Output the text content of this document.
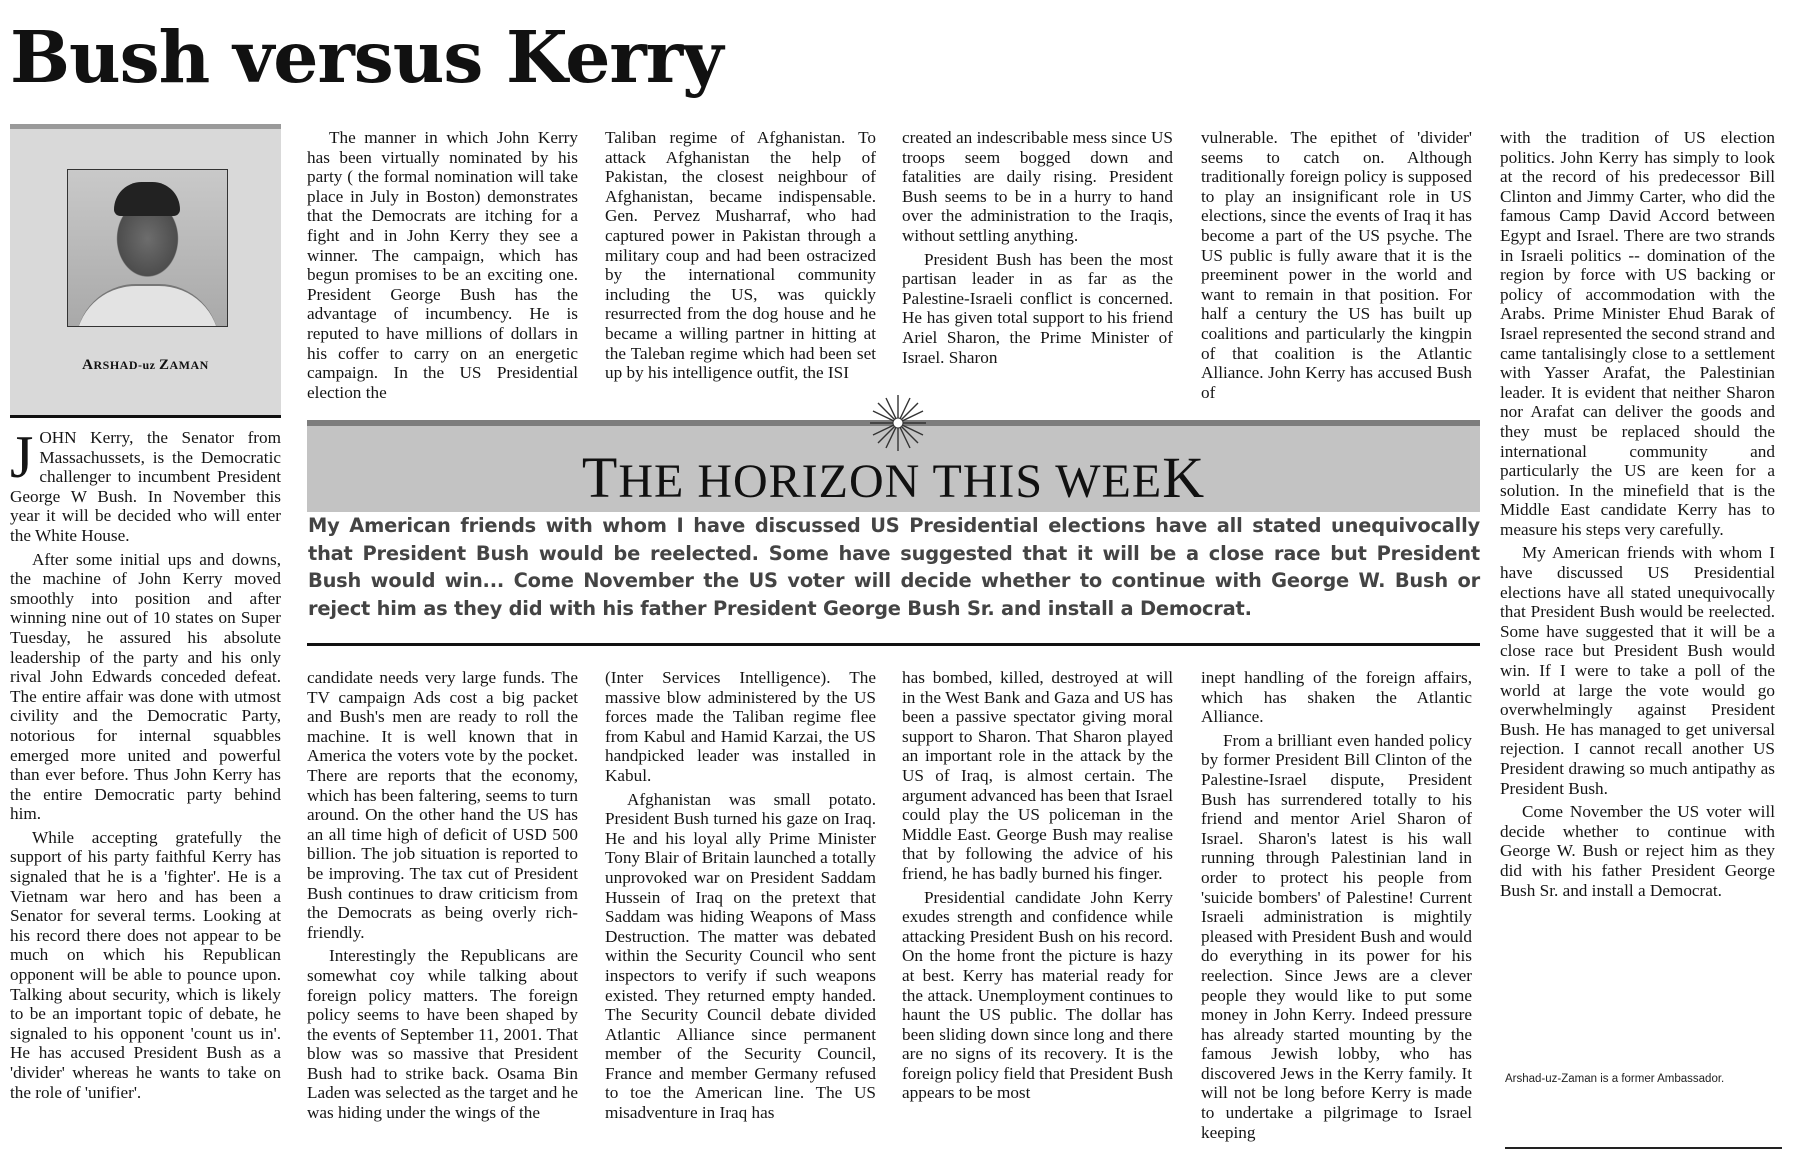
Bush versus Kerry
ARSHAD-uz ZAMAN

JOHN Kerry, the Senator from Massachussets, is the Democratic challenger to incumbent President George W Bush. In November this year it will be decided who will enter the White House.

After some initial ups and downs, the machine of John Kerry moved smoothly into position and after winning nine out of 10 states on Super Tuesday, he assured his absolute leadership of the party and his only rival John Edwards conceded defeat. The entire affair was done with utmost civility and the Democratic Party, notorious for internal squabbles emerged more united and powerful than ever before. Thus John Kerry has the entire Democratic party behind him.

While accepting gratefully the support of his party faithful Kerry has signaled that he is a 'fighter'. He is a Vietnam war hero and has been a Senator for several terms. Looking at his record there does not appear to be much on which his Republican opponent will be able to pounce upon. Talking about security, which is likely to be an important topic of debate, he signaled to his opponent 'count us in'. He has accused President Bush as a 'divider' whereas he wants to take on the role of 'unifier'.

The manner in which John Kerry has been virtually nominated by his party ( the formal nomination will take place in July in Boston) demonstrates that the Democrats are itching for a fight and in John Kerry they see a winner. The campaign, which has begun promises to be an exciting one. President George Bush has the advantage of incumbency. He is reputed to have millions of dollars in his coffer to carry on an energetic campaign. In the US Presidential election the

Taliban regime of Afghanistan. To attack Afghanistan the help of Pakistan, the closest neighbour of Afghanistan, became indispensable. Gen. Pervez Musharraf, who had captured power in Pakistan through a military coup and had been ostracized by the international community including the US, was quickly resurrected from the dog house and he became a willing partner in hitting at the Taleban regime which had been set up by his intelligence outfit, the ISI

created an indescribable mess since US troops seem bogged down and fatalities are daily rising. President Bush seems to be in a hurry to hand over the administration to the Iraqis, without settling anything.

President Bush has been the most partisan leader in as far as the Palestine-Israeli conflict is concerned. He has given total support to his friend Ariel Sharon, the Prime Minister of Israel. Sharon

vulnerable. The epithet of 'divider' seems to catch on. Although traditionally foreign policy is supposed to play an insignificant role in US elections, since the events of Iraq it has become a part of the US psyche. The US public is fully aware that it is the preeminent power in the world and want to remain in that position. For half a century the US has built up coalitions and particularly the kingpin of that coalition is the Atlantic Alliance. John Kerry has accused Bush of

THE HORIZON THIS WEEK

My American friends with whom I have discussed US Presidential elections have all stated unequivocally that President Bush would be reelected. Some have suggested that it will be a close race but President Bush would win... Come November the US voter will decide whether to continue with George W. Bush or reject him as they did with his father President George Bush Sr. and install a Democrat.

candidate needs very large funds. The TV campaign Ads cost a big packet and Bush's men are ready to roll the machine. It is well known that in America the voters vote by the pocket. There are reports that the economy, which has been faltering, seems to turn around. On the other hand the US has an all time high of deficit of USD 500 billion. The job situation is reported to be improving. The tax cut of President Bush continues to draw criticism from the Democrats as being overly rich-friendly.

Interestingly the Republicans are somewhat coy while talking about foreign policy matters. The foreign policy seems to have been shaped by the events of September 11, 2001. That blow was so massive that President Bush had to strike back. Osama Bin Laden was selected as the target and he was hiding under the wings of the

(Inter Services Intelligence). The massive blow administered by the US forces made the Taliban regime flee from Kabul and Hamid Karzai, the US handpicked leader was installed in Kabul.

Afghanistan was small potato. President Bush turned his gaze on Iraq. He and his loyal ally Prime Minister Tony Blair of Britain launched a totally unprovoked war on President Saddam Hussein of Iraq on the pretext that Saddam was hiding Weapons of Mass Destruction. The matter was debated within the Security Council who sent inspectors to verify if such weapons existed. They returned empty handed. The Security Council debate divided Atlantic Alliance since permanent member of the Security Council, France and member Germany refused to toe the American line. The US misadventure in Iraq has

has bombed, killed, destroyed at will in the West Bank and Gaza and US has been a passive spectator giving moral support to Sharon. That Sharon played an important role in the attack by the US of Iraq, is almost certain. The argument advanced has been that Israel could play the US policeman in the Middle East. George Bush may realise that by following the advice of his friend, he has badly burned his finger.

Presidential candidate John Kerry exudes strength and confidence while attacking President Bush on his record. On the home front the picture is hazy at best. Kerry has material ready for the attack. Unemployment continues to haunt the US public. The dollar has been sliding down since long and there are no signs of its recovery. It is the foreign policy field that President Bush appears to be most

inept handling of the foreign affairs, which has shaken the Atlantic Alliance.

From a brilliant even handed policy by former President Bill Clinton of the Palestine-Israel dispute, President Bush has surrendered totally to his friend and mentor Ariel Sharon of Israel. Sharon's latest is his wall running through Palestinian land in order to protect his people from 'suicide bombers' of Palestine! Current Israeli administration is mightily pleased with President Bush and would do everything in its power for his reelection. Since Jews are a clever people they would like to put some money in John Kerry. Indeed pressure has already started mounting by the famous Jewish lobby, who has discovered Jews in the Kerry family. It will not be long before Kerry is made to undertake a pilgrimage to Israel keeping

with the tradition of US election politics. John Kerry has simply to look at the record of his predecessor Bill Clinton and Jimmy Carter, who did the famous Camp David Accord between Egypt and Israel. There are two strands in Israeli politics -- domination of the region by force with US backing or policy of accommodation with the Arabs. Prime Minister Ehud Barak of Israel represented the second strand and came tantalisingly close to a settlement with Yasser Arafat, the Palestinian leader. It is evident that neither Sharon nor Arafat can deliver the goods and they must be replaced should the international community and particularly the US are keen for a solution. In the minefield that is the Middle East candidate Kerry has to measure his steps very carefully.

My American friends with whom I have discussed US Presidential elections have all stated unequivocally that President Bush would be reelected. Some have suggested that it will be a close race but President Bush would win. If I were to take a poll of the world at large the vote would go overwhelmingly against President Bush. He has managed to get universal rejection. I cannot recall another US President drawing so much antipathy as President Bush.

Come November the US voter will decide whether to continue with George W. Bush or reject him as they did with his father President George Bush Sr. and install a Democrat.

Arshad-uz-Zaman is a former Ambassador.
